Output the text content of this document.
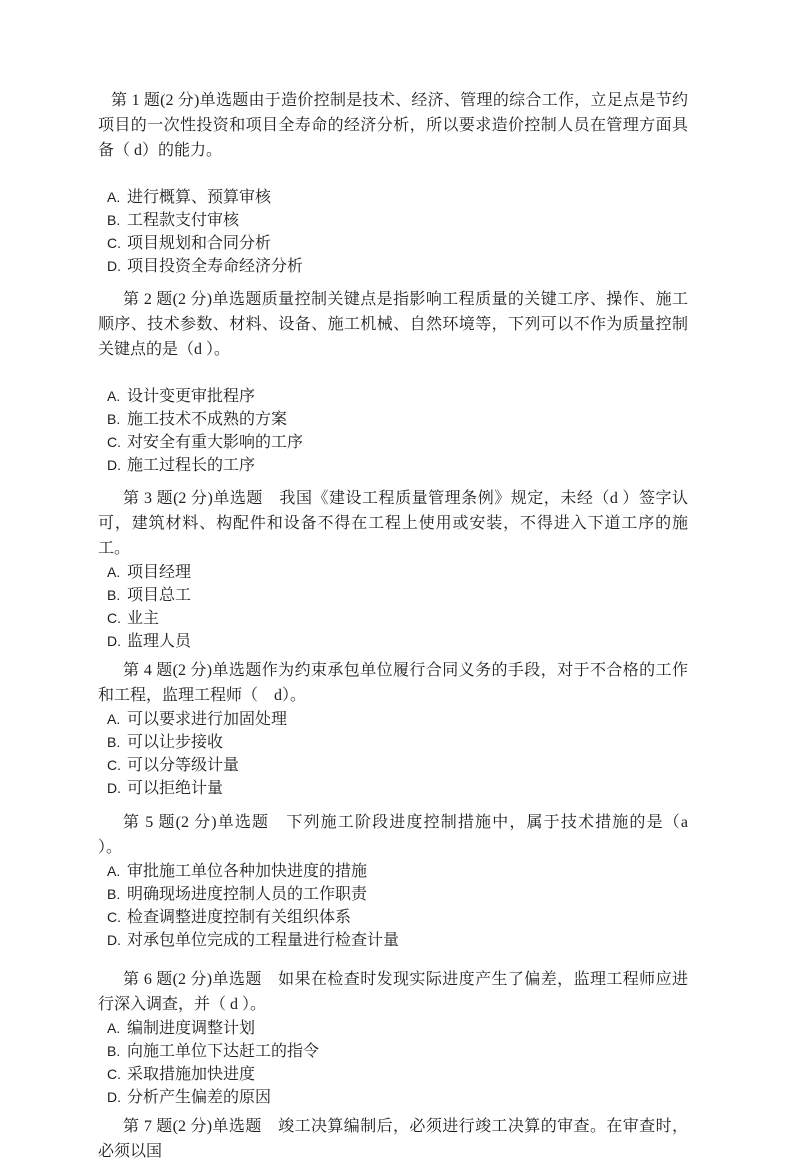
第 1 题(2 分)单选题由于造价控制是技术、经济、管理的综合工作，立足点是节约项目的一次性投资和项目全寿命的经济分析，所以要求造价控制人员在管理方面具备（ d）的能力。

A. 进行概算、预算审核
B. 工程款支付审核
C. 项目规划和合同分析
D. 项目投资全寿命经济分析

第 2 题(2 分)单选题质量控制关键点是指影响工程质量的关键工序、操作、施工顺序、技术参数、材料、设备、施工机械、自然环境等，下列可以不作为质量控制关键点的是（d ）。

A. 设计变更审批程序
B. 施工技术不成熟的方案
C. 对安全有重大影响的工序
D. 施工过程长的工序

第 3 题(2 分)单选题　我国《建设工程质量管理条例》规定，未经（d ）签字认可，建筑材料、构配件和设备不得在工程上使用或安装，不得进入下道工序的施工。

A. 项目经理
B. 项目总工
C. 业主
D. 监理人员

第 4 题(2 分)单选题作为约束承包单位履行合同义务的手段，对于不合格的工作和工程，监理工程师（　d）。

A. 可以要求进行加固处理
B. 可以让步接收
C. 可以分等级计量
D. 可以拒绝计量

第 5 题(2 分)单选题　下列施工阶段进度控制措施中，属于技术措施的是（a　）。

A. 审批施工单位各种加快进度的措施
B. 明确现场进度控制人员的工作职责
C. 检查调整进度控制有关组织体系
D. 对承包单位完成的工程量进行检查计量

第 6 题(2 分)单选题　如果在检查时发现实际进度产生了偏差，监理工程师应进行深入调查，并（ d ）。

A. 编制进度调整计划
B. 向施工单位下达赶工的指令
C. 采取措施加快进度
D. 分析产生偏差的原因

第 7 题(2 分)单选题　竣工决算编制后，必须进行竣工决算的审查。在审查时，必须以国
